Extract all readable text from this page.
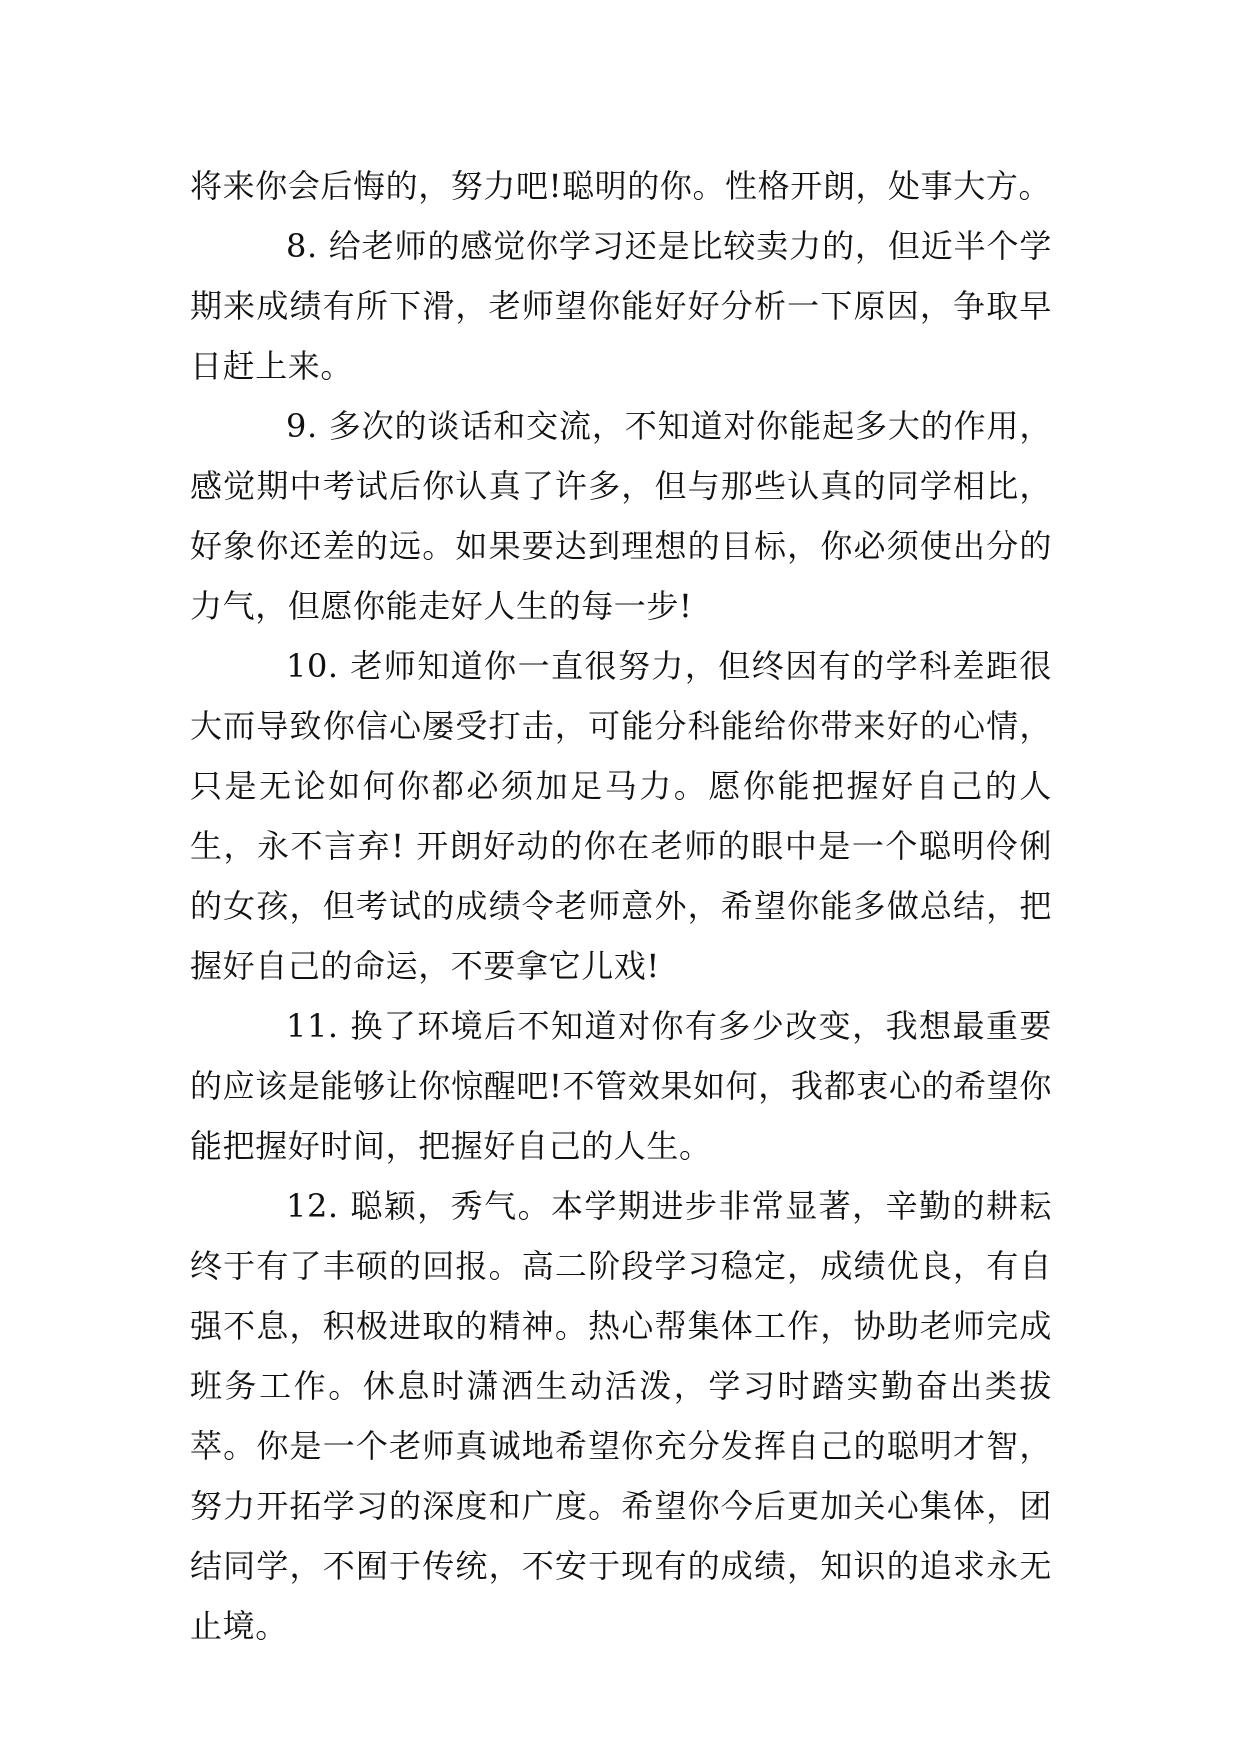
将来你会后悔的，努力吧!聪明的你。性格开朗，处事大方。

8. 给老师的感觉你学习还是比较卖力的，但近半个学期来成绩有所下滑，老师望你能好好分析一下原因，争取早日赶上来。

9. 多次的谈话和交流，不知道对你能起多大的作用，感觉期中考试后你认真了许多，但与那些认真的同学相比，好象你还差的远。如果要达到理想的目标，你必须使出分的力气，但愿你能走好人生的每一步!

10. 老师知道你一直很努力，但终因有的学科差距很大而导致你信心屡受打击，可能分科能给你带来好的心情，只是无论如何你都必须加足马力。愿你能把握好自己的人生，永不言弃! 开朗好动的你在老师的眼中是一个聪明伶俐的女孩，但考试的成绩令老师意外，希望你能多做总结，把握好自己的命运，不要拿它儿戏!

11. 换了环境后不知道对你有多少改变，我想最重要的应该是能够让你惊醒吧!不管效果如何，我都衷心的希望你能把握好时间，把握好自己的人生。

12. 聪颖，秀气。本学期进步非常显著，辛勤的耕耘终于有了丰硕的回报。高二阶段学习稳定，成绩优良，有自强不息，积极进取的精神。热心帮集体工作，协助老师完成班务工作。休息时潇洒生动活泼，学习时踏实勤奋出类拔萃。你是一个老师真诚地希望你充分发挥自己的聪明才智，努力开拓学习的深度和广度。希望你今后更加关心集体，团结同学，不囿于传统，不安于现有的成绩，知识的追求永无止境。
